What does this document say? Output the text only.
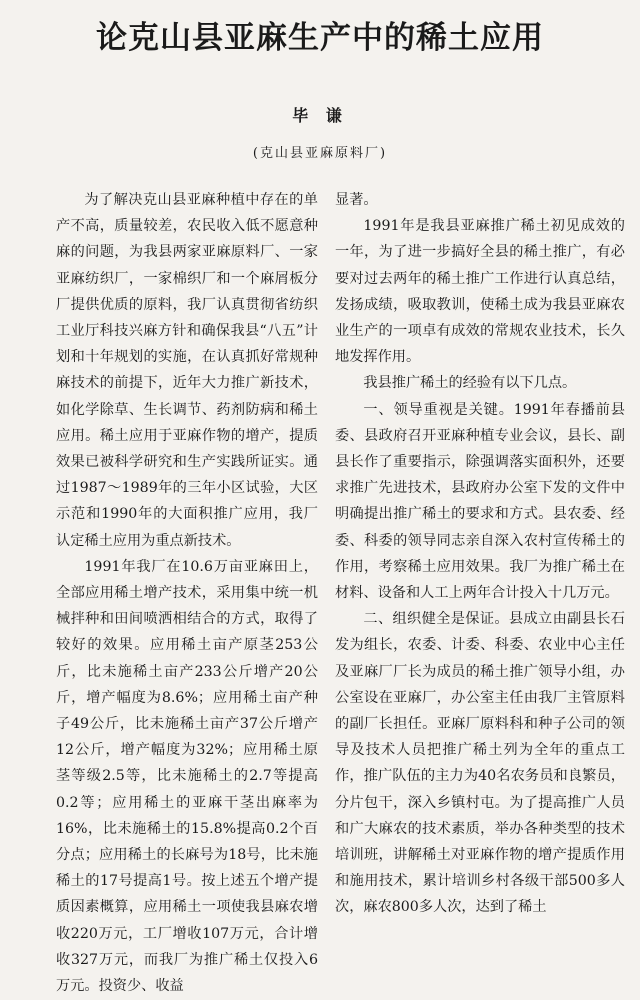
论克山县亚麻生产中的稀土应用
毕 谦
(克山县亚麻原料厂)

为了解决克山县亚麻种植中存在的单产不高，质量较差，农民收入低不愿意种麻的问题，为我县两家亚麻原料厂、一家亚麻纺织厂，一家棉织厂和一个麻屑板分厂提供优质的原料，我厂认真贯彻省纺织工业厅科技兴麻方针和确保我县“八五”计划和十年规划的实施，在认真抓好常规种麻技术的前提下，近年大力推广新技术，如化学除草、生长调节、药剂防病和稀土应用。稀土应用于亚麻作物的增产，提质效果已被科学研究和生产实践所证实。通过1987～1989年的三年小区试验，大区示范和1990年的大面积推广应用，我厂认定稀土应用为重点新技术。

1991年我厂在10.6万亩亚麻田上，全部应用稀土增产技术，采用集中统一机械拌种和田间喷洒相结合的方式，取得了较好的效果。应用稀土亩产原茎253公斤，比未施稀土亩产233公斤增产20公斤，增产幅度为8.6%；应用稀土亩产种子49公斤，比未施稀土亩产37公斤增产12公斤，增产幅度为32%；应用稀土原茎等级2.5等，比未施稀土的2.7等提高0.2等；应用稀土的亚麻干茎出麻率为16%，比未施稀土的15.8%提高0.2个百分点；应用稀土的长麻号为18号，比未施稀土的17号提高1号。按上述五个增产提质因素概算，应用稀土一项使我县麻农增收220万元，工厂增收107万元，合计增收327万元，而我厂为推广稀土仅投入6万元。投资少、收益

显著。

1991年是我县亚麻推广稀土初见成效的一年，为了进一步搞好全县的稀土推广，有必要对过去两年的稀土推广工作进行认真总结，发扬成绩，吸取教训，使稀土成为我县亚麻农业生产的一项卓有成效的常规农业技术，长久地发挥作用。

我县推广稀土的经验有以下几点。

一、领导重视是关键。1991年春播前县委、县政府召开亚麻种植专业会议，县长、副县长作了重要指示，除强调落实面积外，还要求推广先进技术，县政府办公室下发的文件中明确提出推广稀土的要求和方式。县农委、经委、科委的领导同志亲自深入农村宣传稀土的作用，考察稀土应用效果。我厂为推广稀土在材料、设备和人工上两年合计投入十几万元。

二、组织健全是保证。县成立由副县长石发为组长，农委、计委、科委、农业中心主任及亚麻厂厂长为成员的稀土推广领导小组，办公室设在亚麻厂，办公室主任由我厂主管原料的副厂长担任。亚麻厂原料科和种子公司的领导及技术人员把推广稀土列为全年的重点工作，推广队伍的主力为40名农务员和良繁员，分片包干，深入乡镇村屯。为了提高推广人员和广大麻农的技术素质，举办各种类型的技术培训班，讲解稀土对亚麻作物的增产提质作用和施用技术，累计培训乡村各级干部500多人次，麻农800多人次，达到了稀土
